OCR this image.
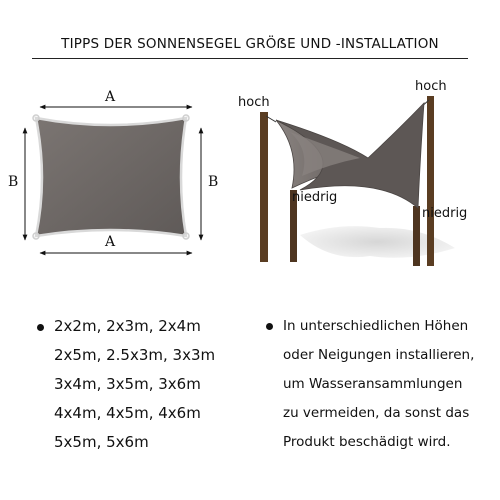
TIPPS DER SONNENSEGEL GRÖẞE UND -INSTALLATION
A
A
B	B
hoch
hoch
niedrig
niedrig
2x2m, 2x3m, 2x4m
2x5m, 2.5x3m, 3x3m
3x4m, 3x5m, 3x6m
4x4m, 4x5m, 4x6m
5x5m, 5x6m
In unterschiedlichen Höhen
oder Neigungen installieren,
um Wasseransammlungen
zu vermeiden, da sonst das
Produkt beschädigt wird.
